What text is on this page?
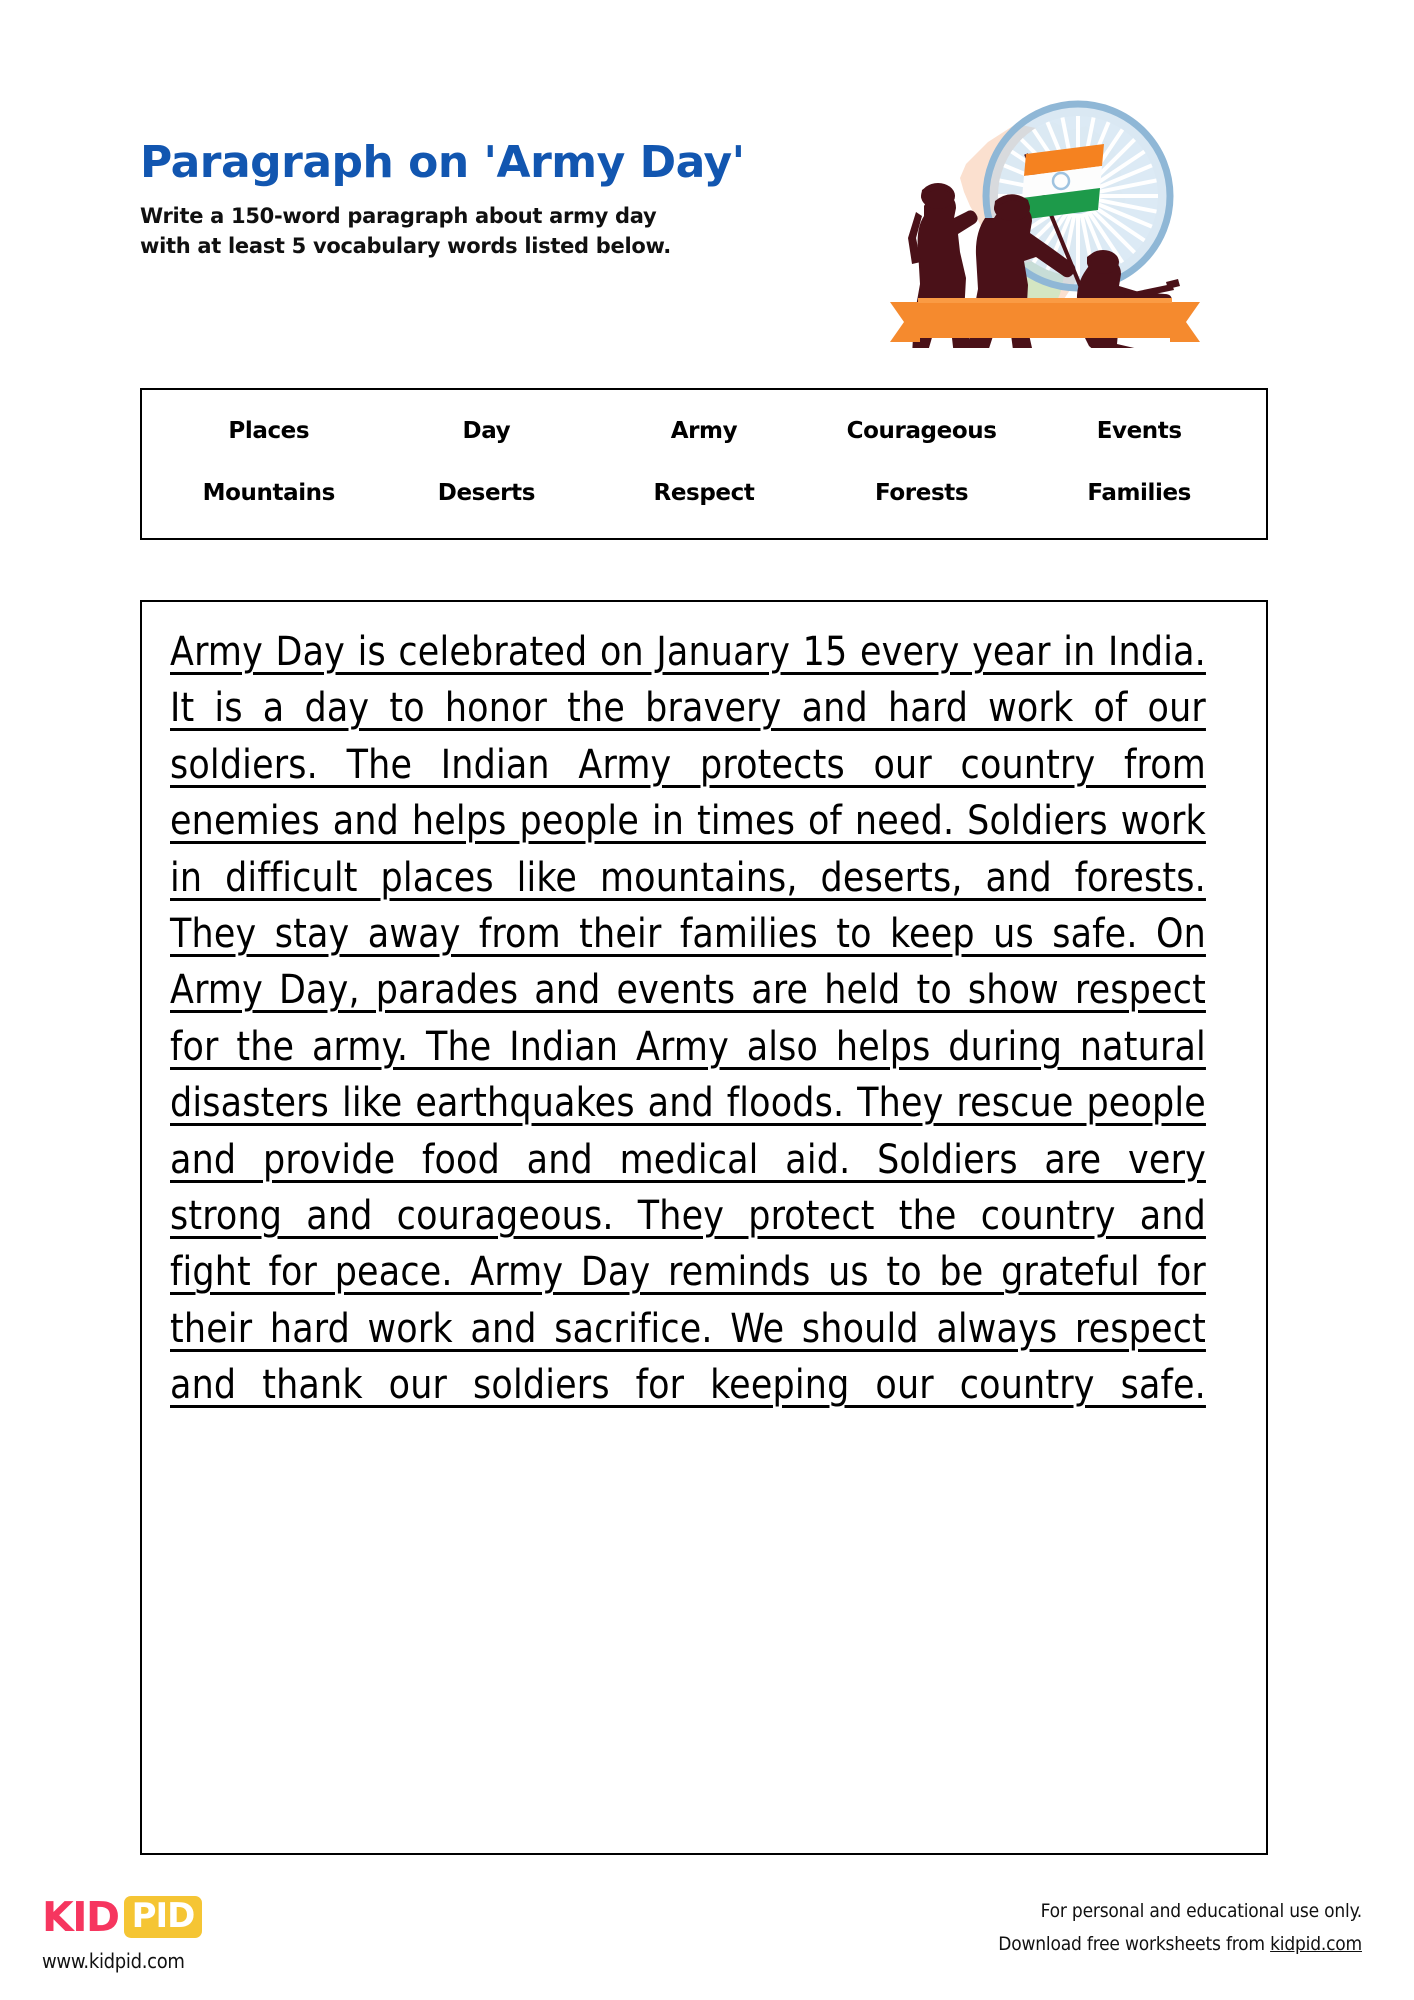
Paragraph on 'Army Day'

Write a 150-word paragraph about army day with at least 5 vocabulary words listed below.

Places	Day	Army	Courageous	Events
Mountains	Deserts	Respect	Forests	Families

Army Day is celebrated on January 15 every year in India. It is a day to honor the bravery and hard work of our soldiers. The Indian Army protects our country from enemies and helps people in times of need. Soldiers work in difficult places like mountains, deserts, and forests. They stay away from their families to keep us safe. On Army Day, parades and events are held to show respect for the army. The Indian Army also helps during natural disasters like earthquakes and floods. They rescue people and provide food and medical aid. Soldiers are very strong and courageous. They protect the country and fight for peace. Army Day reminds us to be grateful for their hard work and sacrifice. We should always respect and thank our soldiers for keeping our country safe.

KID PID
www.kidpid.com
For personal and educational use only.
Download free worksheets from kidpid.com
